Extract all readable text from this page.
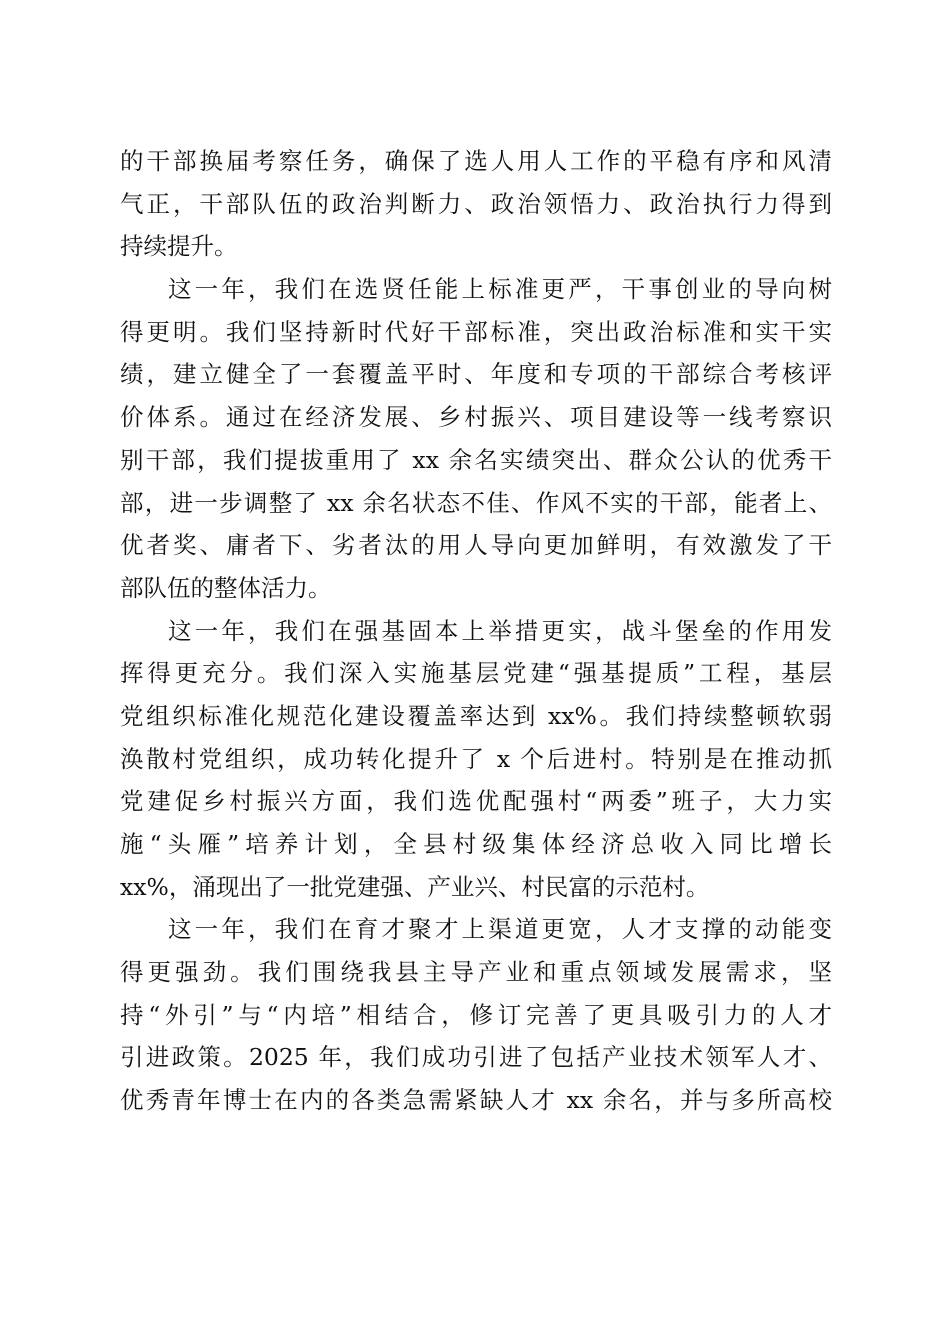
的干部换届考察任务，确保了选人用人工作的平稳有序和风清
气正，干部队伍的政治判断力、政治领悟力、政治执行力得到
持续提升。
这一年，我们在选贤任能上标准更严，干事创业的导向树
得更明。我们坚持新时代好干部标准，突出政治标准和实干实
绩，建立健全了一套覆盖平时、年度和专项的干部综合考核评
价体系。通过在经济发展、乡村振兴、项目建设等一线考察识
别干部，我们提拔重用了 xx 余名实绩突出、群众公认的优秀干
部，进一步调整了 xx 余名状态不佳、作风不实的干部，能者上、
优者奖、庸者下、劣者汰的用人导向更加鲜明，有效激发了干
部队伍的整体活力。
这一年，我们在强基固本上举措更实，战斗堡垒的作用发
挥得更充分。我们深入实施基层党建“强基提质”工程，基层
党组织标准化规范化建设覆盖率达到 xx%。我们持续整顿软弱
涣散村党组织，成功转化提升了 x 个后进村。特别是在推动抓
党建促乡村振兴方面，我们选优配强村“两委”班子，大力实
施“头雁”培养计划，全县村级集体经济总收入同比增长
xx%，涌现出了一批党建强、产业兴、村民富的示范村。
这一年，我们在育才聚才上渠道更宽，人才支撑的动能变
得更强劲。我们围绕我县主导产业和重点领域发展需求，坚
持“外引”与“内培”相结合，修订完善了更具吸引力的人才
引进政策。2025 年，我们成功引进了包括产业技术领军人才、
优秀青年博士在内的各类急需紧缺人才 xx 余名，并与多所高校
